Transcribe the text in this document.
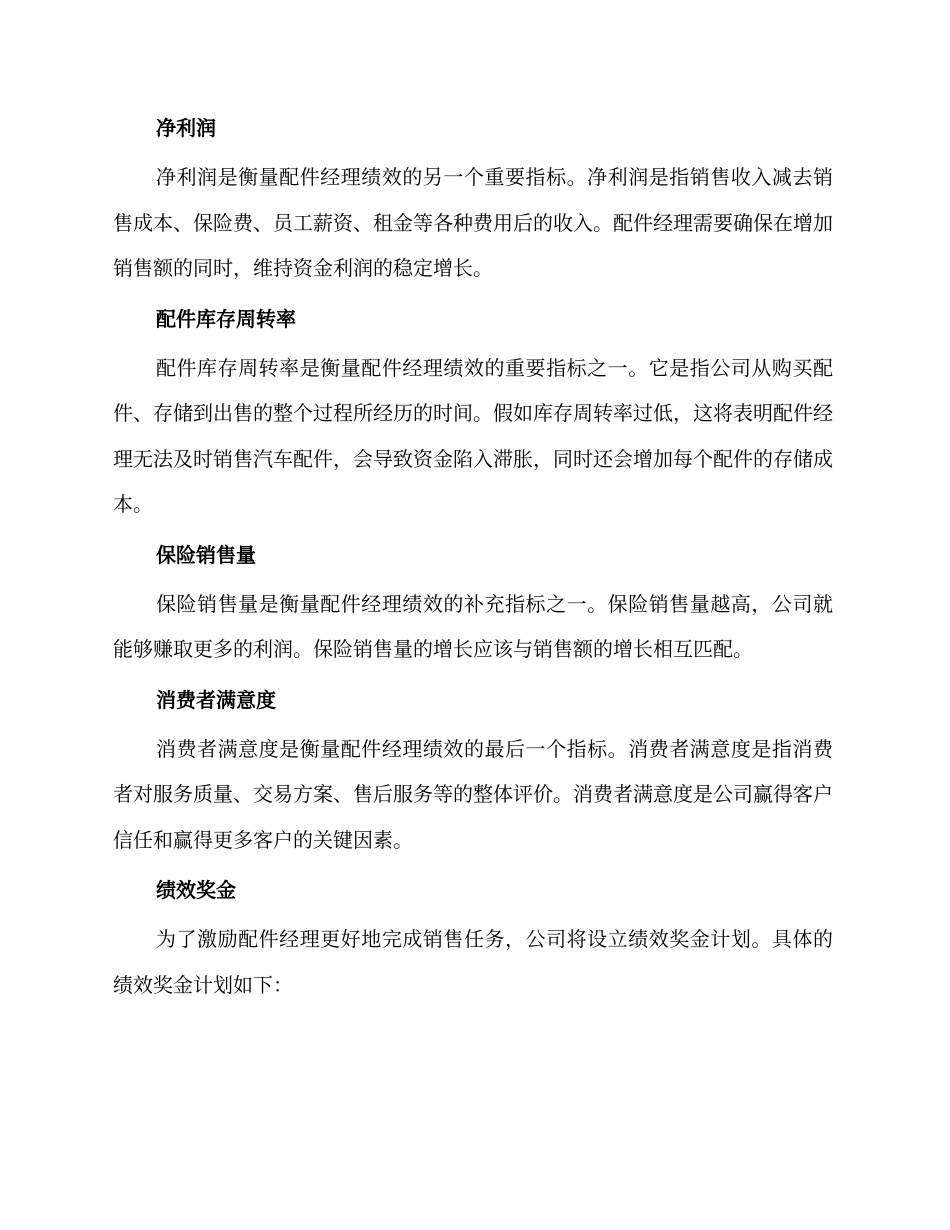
净利润

净利润是衡量配件经理绩效的另一个重要指标。净利润是指销售收入减去销售成本、保险费、员工薪资、租金等各种费用后的收入。配件经理需要确保在增加销售额的同时，维持资金利润的稳定增长。

配件库存周转率

配件库存周转率是衡量配件经理绩效的重要指标之一。它是指公司从购买配件、存储到出售的整个过程所经历的时间。假如库存周转率过低，这将表明配件经理无法及时销售汽车配件，会导致资金陷入滞胀，同时还会增加每个配件的存储成本。

保险销售量

保险销售量是衡量配件经理绩效的补充指标之一。保险销售量越高，公司就能够赚取更多的利润。保险销售量的增长应该与销售额的增长相互匹配。

消费者满意度

消费者满意度是衡量配件经理绩效的最后一个指标。消费者满意度是指消费者对服务质量、交易方案、售后服务等的整体评价。消费者满意度是公司赢得客户信任和赢得更多客户的关键因素。

绩效奖金

为了激励配件经理更好地完成销售任务，公司将设立绩效奖金计划。具体的绩效奖金计划如下：
